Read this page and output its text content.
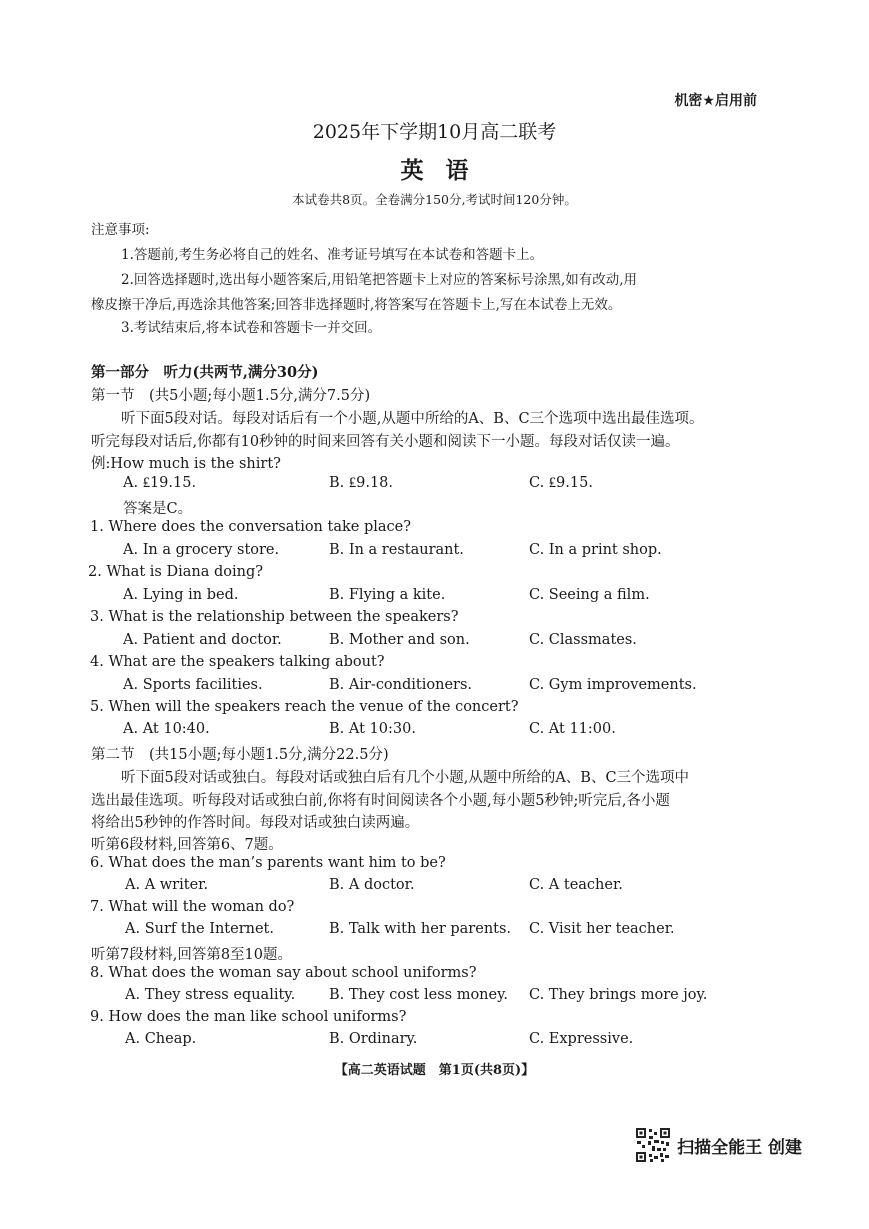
机密★启用前
2025年下学期10月高二联考
英语
本试卷共8页。全卷满分150分,考试时间120分钟。
注意事项:
1.答题前,考生务必将自己的姓名、准考证号填写在本试卷和答题卡上。
2.回答选择题时,选出每小题答案后,用铅笔把答题卡上对应的答案标号涂黑,如有改动,用
橡皮擦干净后,再选涂其他答案;回答非选择题时,将答案写在答题卡上,写在本试卷上无效。
3.考试结束后,将本试卷和答题卡一并交回。
第一部分　听力(共两节,满分30分)
第一节　(共5小题;每小题1.5分,满分7.5分)
听下面5段对话。每段对话后有一个小题,从题中所给的A、B、C三个选项中选出最佳选项。
听完每段对话后,你都有10秒钟的时间来回答有关小题和阅读下一小题。每段对话仅读一遍。
例:How much is the shirt?
A. ₤19.15.	B. ₤9.18.	C. ₤9.15.
答案是C。
1. Where does the conversation take place?
A. In a grocery store.	B. In a restaurant.	C. In a print shop.
2. What is Diana doing?
A. Lying in bed.	B. Flying a kite.	C. Seeing a film.
3. What is the relationship between the speakers?
A. Patient and doctor.	B. Mother and son.	C. Classmates.
4. What are the speakers talking about?
A. Sports facilities.	B. Air-conditioners.	C. Gym improvements.
5. When will the speakers reach the venue of the concert?
A. At 10:40.	B. At 10:30.	C. At 11:00.
第二节　(共15小题;每小题1.5分,满分22.5分)
听下面5段对话或独白。每段对话或独白后有几个小题,从题中所给的A、B、C三个选项中
选出最佳选项。听每段对话或独白前,你将有时间阅读各个小题,每小题5秒钟;听完后,各小题
将给出5秒钟的作答时间。每段对话或独白读两遍。
听第6段材料,回答第6、7题。
6. What does the man’s parents want him to be?
A. A writer.	B. A doctor.	C. A teacher.
7. What will the woman do?
A. Surf the Internet.	B. Talk with her parents. C. Visit her teacher.
听第7段材料,回答第8至10题。
8. What does the woman say about school uniforms?
A. They stress equality. B. They cost less money. C. They brings more joy.
9. How does the man like school uniforms?
A. Cheap.	B. Ordinary.	C. Expressive.
【高二英语试题　第1页(共8页)】
扫描全能王 创建
